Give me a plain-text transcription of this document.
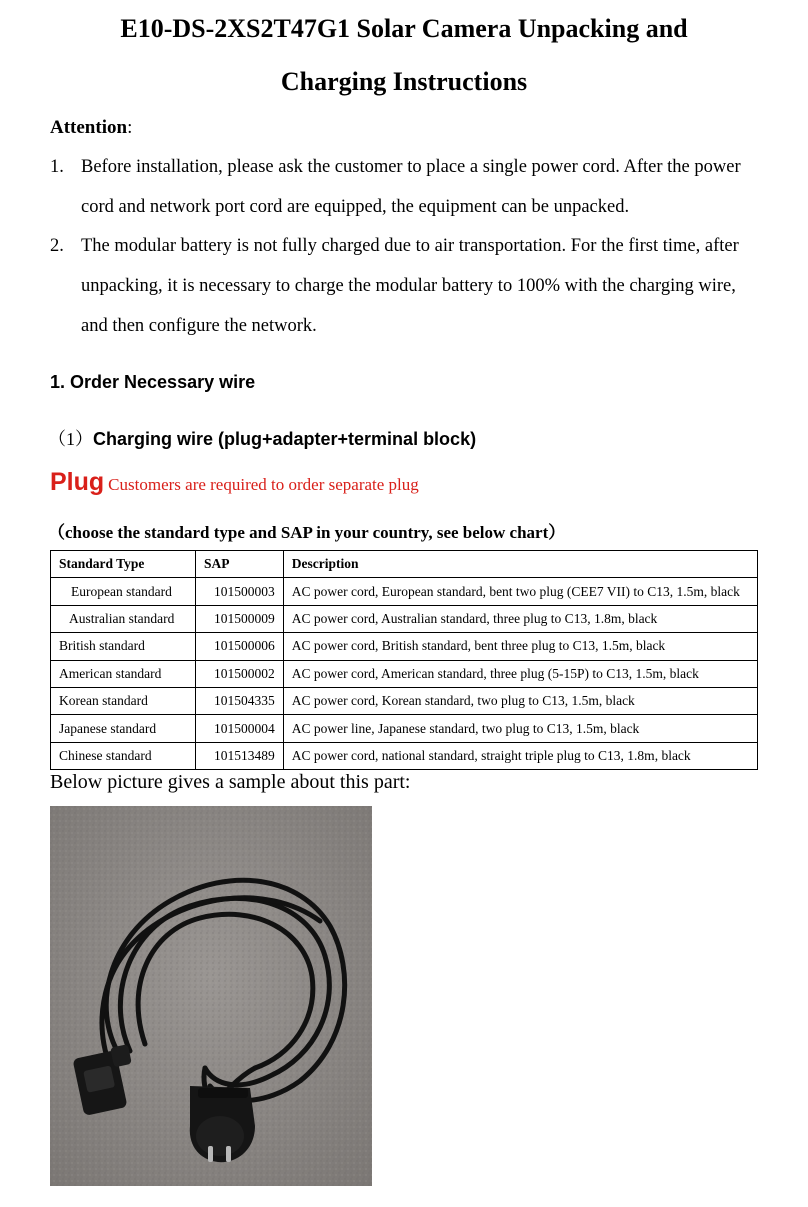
E10-DS-2XS2T47G1 Solar Camera Unpacking and
Charging Instructions
Attention:
1. Before installation, please ask the customer to place a single power cord. After the power
cord and network port cord are equipped, the equipment can be unpacked.
2. The modular battery is not fully charged due to air transportation. For the first time, after
unpacking, it is necessary to charge the modular battery to 100% with the charging wire,
and then configure the network.
1. Order Necessary wire
（1）Charging wire (plug+adapter+terminal block)
Plug Customers are required to order separate plug
（choose the standard type and SAP in your country, see below chart）
Standard Type	SAP	Description
European standard	101500003	AC power cord, European standard, bent two plug (CEE7 VII) to C13, 1.5m, black
Australian standard	101500009	AC power cord, Australian standard, three plug to C13, 1.8m, black
British standard	101500006	AC power cord, British standard, bent three plug to C13, 1.5m, black
American standard	101500002	AC power cord, American standard, three plug (5-15P) to C13, 1.5m, black
Korean standard	101504335	AC power cord, Korean standard, two plug to C13, 1.5m, black
Japanese standard	101500004	AC power line, Japanese standard, two plug to C13, 1.5m, black
Chinese standard	101513489	AC power cord, national standard, straight triple plug to C13, 1.8m, black
Below picture gives a sample about this part:
